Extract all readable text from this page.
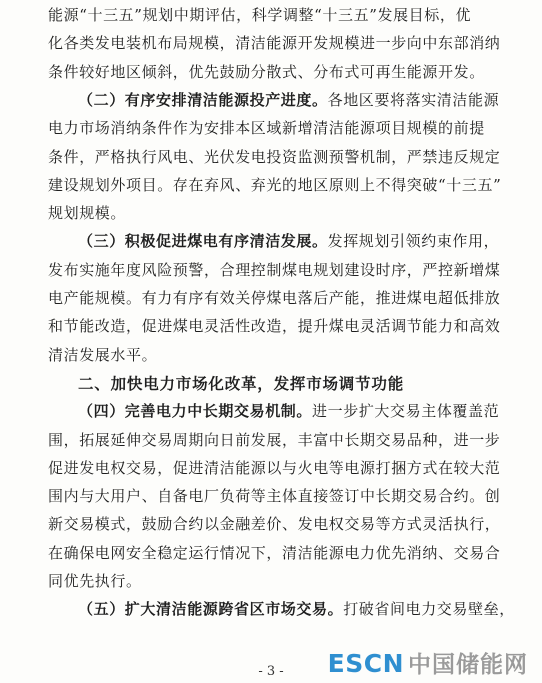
能源“十三五”规划中期评估，科学调整“十三五”发展目标，优
化各类发电装机布局规模，清洁能源开发规模进一步向中东部消纳
条件较好地区倾斜，优先鼓励分散式、分布式可再生能源开发。
（二）有序安排清洁能源投产进度。各地区要将落实清洁能源
电力市场消纳条件作为安排本区域新增清洁能源项目规模的前提
条件，严格执行风电、光伏发电投资监测预警机制，严禁违反规定
建设规划外项目。存在弃风、弃光的地区原则上不得突破“十三五”
规划规模。
（三）积极促进煤电有序清洁发展。发挥规划引领约束作用，
发布实施年度风险预警，合理控制煤电规划建设时序，严控新增煤
电产能规模。有力有序有效关停煤电落后产能，推进煤电超低排放
和节能改造，促进煤电灵活性改造，提升煤电灵活调节能力和高效
清洁发展水平。
二、加快电力市场化改革，发挥市场调节功能
（四）完善电力中长期交易机制。进一步扩大交易主体覆盖范
围，拓展延伸交易周期向日前发展，丰富中长期交易品种，进一步
促进发电权交易，促进清洁能源以与火电等电源打捆方式在较大范
围内与大用户、自备电厂负荷等主体直接签订中长期交易合约。创
新交易模式，鼓励合约以金融差价、发电权交易等方式灵活执行，
在确保电网安全稳定运行情况下，清洁能源电力优先消纳、交易合
同优先执行。
（五）扩大清洁能源跨省区市场交易。打破省间电力交易壁垒，
- 3 -	ESCN 中国储能网
